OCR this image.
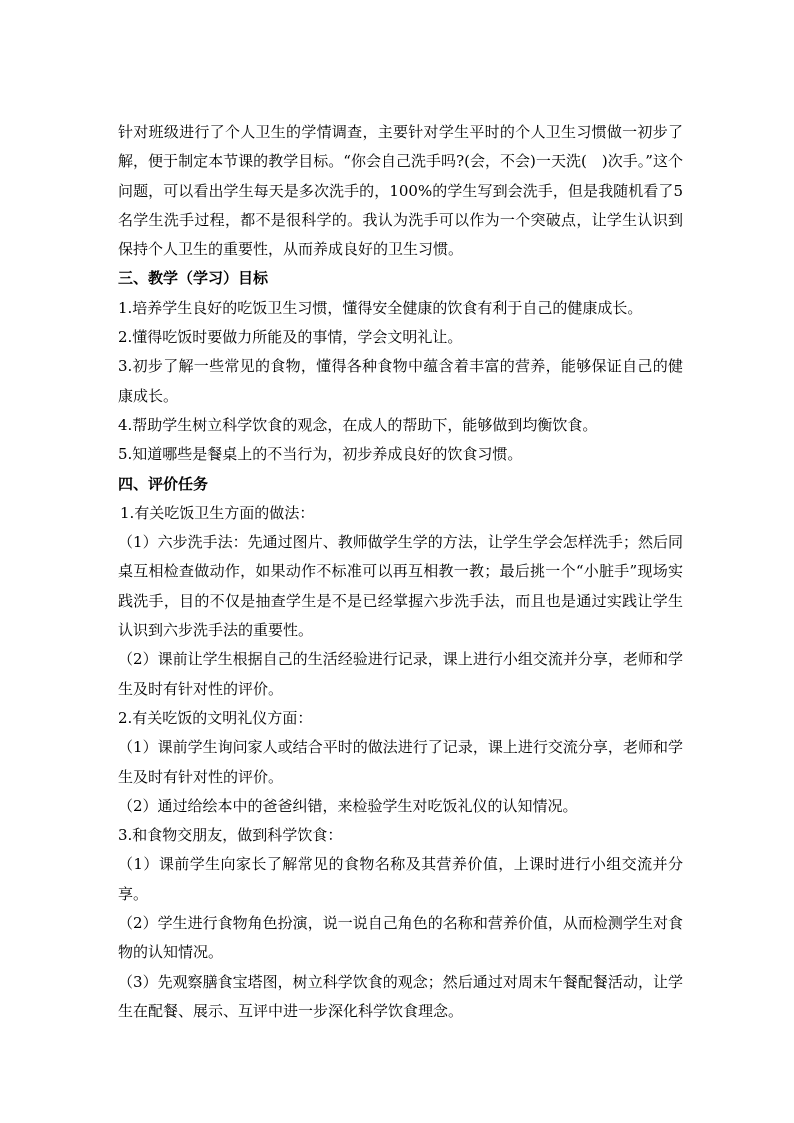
针对班级进行了个人卫生的学情调查，主要针对学生平时的个人卫生习惯做一初步了解，便于制定本节课的教学目标。“你会自己洗手吗?(会，不会)一天洗(　)次手。”这个问题，可以看出学生每天是多次洗手的，100%的学生写到会洗手，但是我随机看了5名学生洗手过程，都不是很科学的。我认为洗手可以作为一个突破点，让学生认识到保持个人卫生的重要性，从而养成良好的卫生习惯。

三、教学（学习）目标

1.培养学生良好的吃饭卫生习惯，懂得安全健康的饮食有利于自己的健康成长。

2.懂得吃饭时要做力所能及的事情，学会文明礼让。

3.初步了解一些常见的食物，懂得各种食物中蕴含着丰富的营养，能够保证自己的健康成长。

4.帮助学生树立科学饮食的观念，在成人的帮助下，能够做到均衡饮食。

5.知道哪些是餐桌上的不当行为，初步养成良好的饮食习惯。

四、评价任务

1.有关吃饭卫生方面的做法：

（1）六步洗手法：先通过图片、教师做学生学的方法，让学生学会怎样洗手；然后同桌互相检查做动作，如果动作不标准可以再互相教一教；最后挑一个“小脏手”现场实践洗手，目的不仅是抽查学生是不是已经掌握六步洗手法，而且也是通过实践让学生认识到六步洗手法的重要性。

（2）课前让学生根据自己的生活经验进行记录，课上进行小组交流并分享，老师和学生及时有针对性的评价。

2.有关吃饭的文明礼仪方面：

（1）课前学生询问家人或结合平时的做法进行了记录，课上进行交流分享，老师和学生及时有针对性的评价。

（2）通过给绘本中的爸爸纠错，来检验学生对吃饭礼仪的认知情况。

3.和食物交朋友，做到科学饮食：

（1）课前学生向家长了解常见的食物名称及其营养价值，上课时进行小组交流并分享。

（2）学生进行食物角色扮演，说一说自己角色的名称和营养价值，从而检测学生对食物的认知情况。

（3）先观察膳食宝塔图，树立科学饮食的观念；然后通过对周末午餐配餐活动，让学生在配餐、展示、互评中进一步深化科学饮食理念。
